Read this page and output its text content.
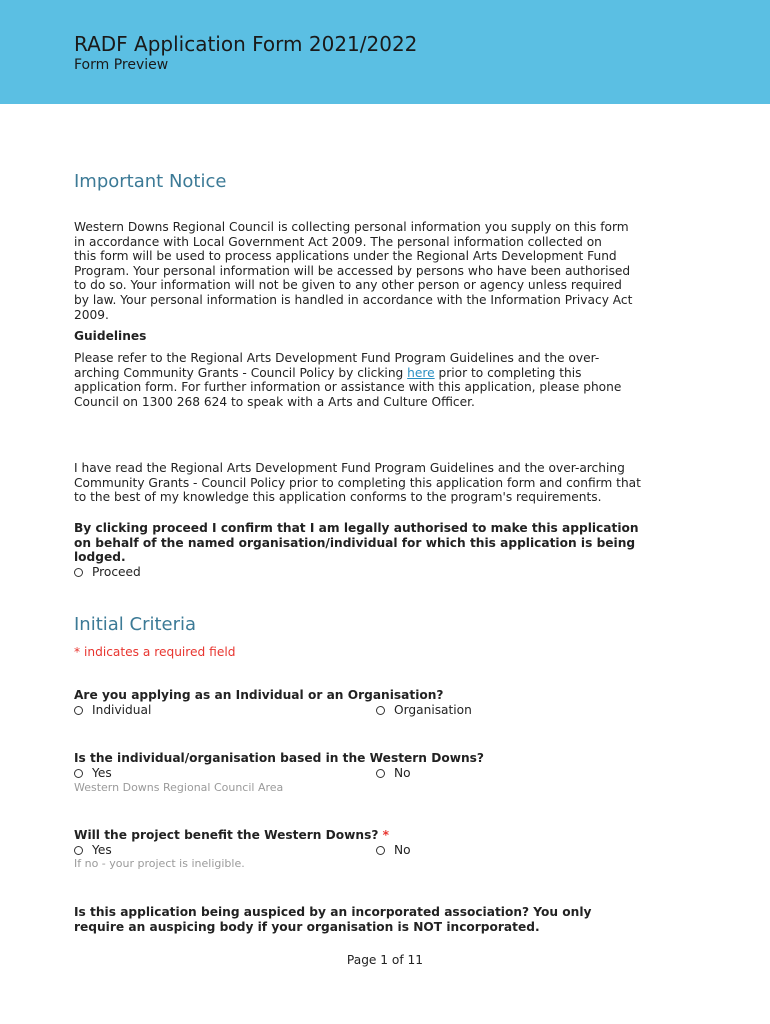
RADF Application Form 2021/2022
Form Preview
Important Notice
Western Downs Regional Council is collecting personal information you supply on this form
in accordance with Local Government Act 2009. The personal information collected on
this form will be used to process applications under the Regional Arts Development Fund
Program. Your personal information will be accessed by persons who have been authorised
to do so. Your information will not be given to any other person or agency unless required
by law. Your personal information is handled in accordance with the Information Privacy Act
2009.
Guidelines
Please refer to the Regional Arts Development Fund Program Guidelines and the over-
arching Community Grants - Council Policy by clicking here prior to completing this
application form. For further information or assistance with this application, please phone
Council on 1300 268 624 to speak with a Arts and Culture Officer.
I have read the Regional Arts Development Fund Program Guidelines and the over-arching
Community Grants - Council Policy prior to completing this application form and confirm that
to the best of my knowledge this application conforms to the program's requirements.
By clicking proceed I confirm that I am legally authorised to make this application
on behalf of the named organisation/individual for which this application is being
lodged.
Proceed
Initial Criteria
* indicates a required field
Are you applying as an Individual or an Organisation?
Individual	Organisation
Is the individual/organisation based in the Western Downs?
Yes	No
Western Downs Regional Council Area
Will the project benefit the Western Downs? *
Yes	No
If no - your project is ineligible.
Is this application being auspiced by an incorporated association? You only
require an auspicing body if your organisation is NOT incorporated.
Page 1 of 11
